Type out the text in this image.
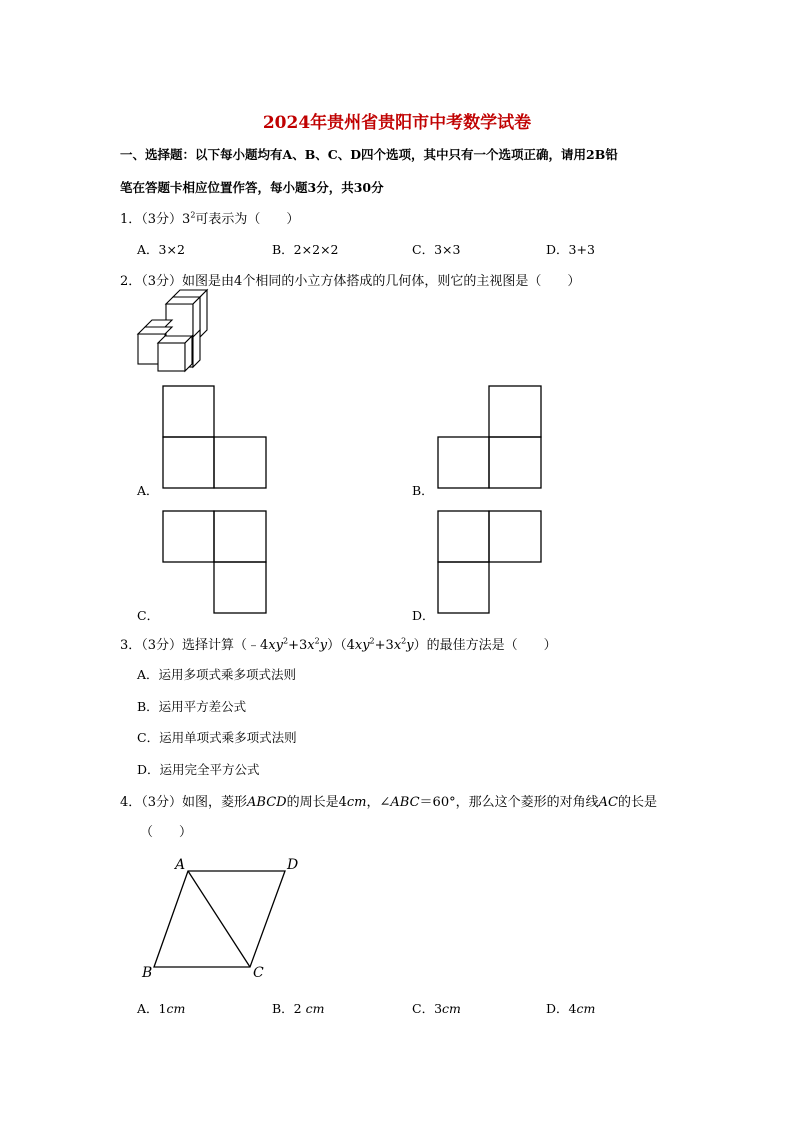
2024年贵州省贵阳市中考数学试卷
一、选择题：以下每小题均有A、B、C、D四个选项，其中只有一个选项正确，请用2B铅
笔在答题卡相应位置作答，每小题3分，共30分
1．（3分）$3^2$可表示为（　　）
A．3×2	B．2×2×2	C．3×3	D．3+3
2．（3分）如图是由4个相同的小立方体搭成的几何体，则它的主视图是（　　）
A	D
B	C
A．	B．
C．	D．
3．（3分）选择计算$(﹣4xy^2+3x^2y)(4xy^2+3x^2y)$的最佳方法是（　　）
A．运用多项式乘多项式法则
B．运用平方差公式
C．运用单项式乘多项式法则
D．运用完全平方公式
4．（3分）如图，菱形ABCD的周长是4cm，∠ABC＝60°，那么这个菱形的对角线AC的长是
（　　）
A．1cm	B．2 cm	C．3cm	D．4cm
